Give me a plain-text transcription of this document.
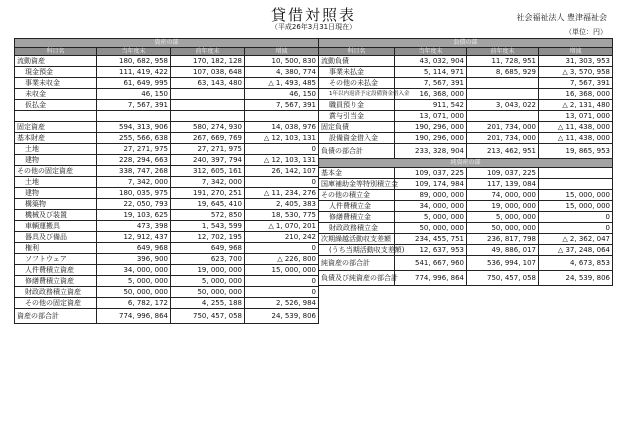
貸借対照表
（平成26年3月31日現在）
社会福祉法人 豊津福祉会
（単位：円）
資産の部			
科目名	当年度末	前年度末	増減
流動資産	180, 682, 958	170, 182, 128	10, 500, 830
現金預金	111, 419, 422	107, 038, 648	4, 380, 774
事業未収金	61, 649, 995	63, 143, 480	△ 1, 493, 485
未収金	46, 150		46, 150
仮払金	7, 567, 391		7, 567, 391

固定資産	594, 313, 906	580, 274, 930	14, 038, 976
基本財産	255, 566, 638	267, 669, 769	△ 12, 103, 131
土地	27, 271, 975	27, 271, 975	0
建物	228, 294, 663	240, 397, 794	△ 12, 103, 131
その他の固定資産	338, 747, 268	312, 605, 161	26, 142, 107
土地	7, 342, 000	7, 342, 000	0
建物	180, 035, 975	191, 270, 251	△ 11, 234, 276
構築物	22, 050, 793	19, 645, 410	2, 405, 383
機械及び装置	19, 103, 625	572, 850	18, 530, 775
車輌運搬具	473, 398	1, 543, 599	△ 1, 070, 201
器具及び備品	12, 912, 437	12, 702, 195	210, 242
権利	649, 968	649, 968	0
ソフトウェア	396, 900	623, 700	△ 226, 800
人件費積立資産	34, 000, 000	19, 000, 000	15, 000, 000
修繕費積立資産	5, 000, 000	5, 000, 000	0
財政政務積立資産	50, 000, 000	50, 000, 000	0
その他の固定資産	6, 782, 172	4, 255, 188	2, 526, 984
資産の部合計	774, 996, 864	750, 457, 058	24, 539, 806
負債の部			
科目名	当年度末	前年度末	増減
流動負債	43, 032, 904	11, 728, 951	31, 303, 953
事業未払金	5, 114, 971	8, 685, 929	△ 3, 570, 958
その他の未払金	7, 567, 391		7, 567, 391
1年以内返済予定設備資金借入金	16, 368, 000		16, 368, 000
職員預り金	911, 542	3, 043, 022	△ 2, 131, 480
賞与引当金	13, 071, 000		13, 071, 000
固定負債	190, 296, 000	201, 734, 000	△ 11, 438, 000
設備資金借入金	190, 296, 000	201, 734, 000	△ 11, 438, 000
負債の部合計	233, 328, 904	213, 462, 951	19, 865, 953
純資産の部			
基本金	109, 037, 225	109, 037, 225	
国庫補助金等特別積立金	109, 174, 984	117, 139, 084	
その他の積立金	89, 000, 000	74, 000, 000	15, 000, 000
人件費積立金	34, 000, 000	19, 000, 000	15, 000, 000
修繕費積立金	5, 000, 000	5, 000, 000	0
財政政務積立金	50, 000, 000	50, 000, 000	0
次期繰越活動収支差額	234, 455, 751	236, 817, 798	△ 2, 362, 047
(うち当期活動収支差額)	12, 637, 953	49, 886, 017	△ 37, 248, 064
純資産の部合計	541, 667, 960	536, 994, 107	4, 673, 853
負債及び純資産の部合計	774, 996, 864	750, 457, 058	24, 539, 806
